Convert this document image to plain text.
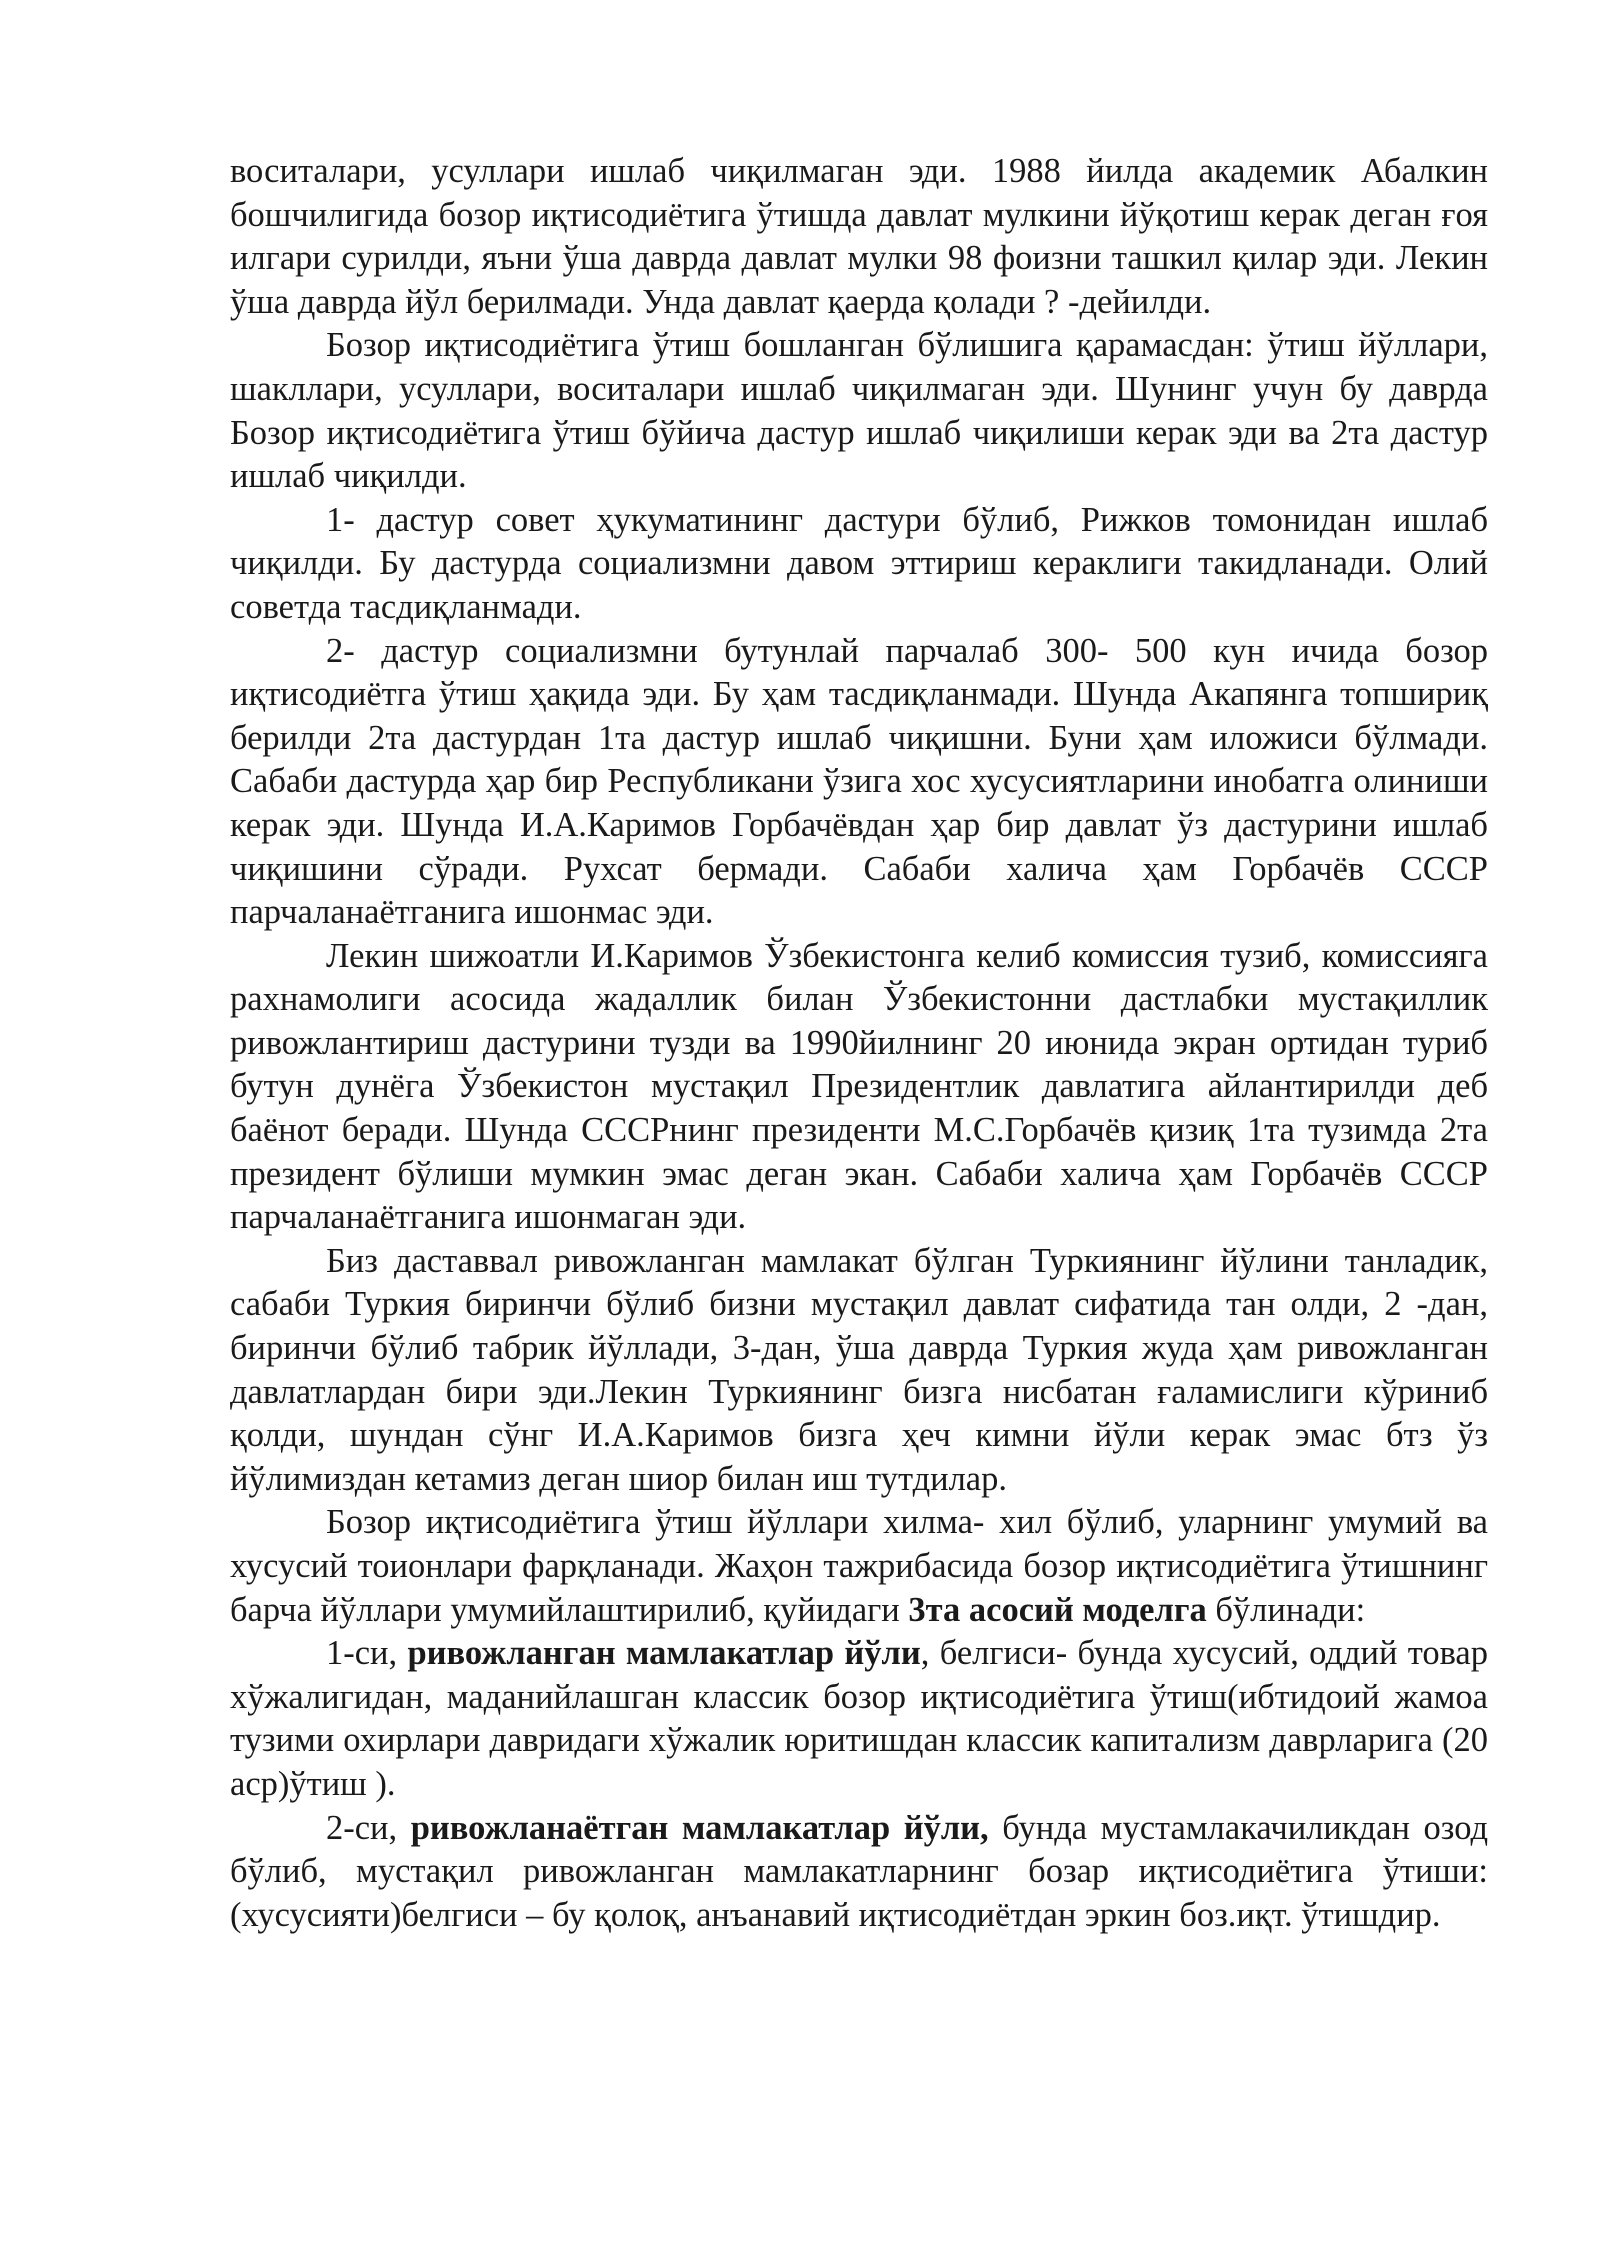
воситалари, усуллари ишлаб чиқилмаган эди. 1988 йилда академик Абалкин бошчилигида бозор иқтисодиётига ўтишда давлат мулкини йўқотиш керак деган ғоя илгари сурилди, яъни ўша даврда давлат мулки 98 фоизни ташкил қилар эди. Лекин ўша даврда йўл берилмади. Унда давлат қаерда қолади ? -дейилди.

Бозор иқтисодиётига ўтиш бошланган бўлишига қарамасдан: ўтиш йўллари, шакллари, усуллари, воситалари ишлаб чиқилмаган эди. Шунинг учун бу даврда Бозор иқтисодиётига ўтиш бўйича дастур ишлаб чиқилиши керак эди ва 2та дастур ишлаб чиқилди.

1- дастур совет ҳукуматининг дастури бўлиб, Рижков томонидан ишлаб чиқилди. Бу дастурда социализмни давом эттириш кераклиги такидланади. Олий советда тасдиқланмади.

2- дастур социализмни бутунлай парчалаб 300- 500 кун ичида бозор иқтисодиётга ўтиш ҳақида эди. Бу ҳам тасдиқланмади. Шунда Акапянга топшириқ берилди 2та дастурдан 1та дастур ишлаб чиқишни. Буни ҳам иложиси бўлмади. Сабаби дастурда ҳар бир Республикани ўзига хос хусусиятларини инобатга олиниши керак эди. Шунда И.А.Каримов Горбачёвдан ҳар бир давлат ўз дастурини ишлаб чиқишини сўради. Рухсат бермади. Сабаби халича ҳам Горбачёв СССР парчаланаётганига ишонмас эди.

Лекин шижоатли И.Каримов Ўзбекистонга келиб комиссия тузиб, комиссияга рахнамолиги асосида жадаллик билан Ўзбекистонни дастлабки мустақиллик ривожлантириш дастурини тузди ва 1990йилнинг 20 июнида экран ортидан туриб бутун дунёга Ўзбекистон мустақил Президентлик давлатига айлантирилди деб баёнот беради. Шунда СССРнинг президенти М.С.Горбачёв қизиқ 1та тузимда 2та президент бўлиши мумкин эмас деган экан. Сабаби халича ҳам Горбачёв СССР парчаланаётганига ишонмаган эди.

Биз даставвал ривожланган мамлакат бўлган Туркиянинг йўлини танладик, сабаби Туркия биринчи бўлиб бизни мустақил давлат сифатида тан олди, 2 -дан, биринчи бўлиб табрик йўллади, 3-дан, ўша даврда Туркия жуда ҳам ривожланган давлатлардан бири эди.Лекин Туркиянинг бизга нисбатан ғаламислиги кўриниб қолди, шундан сўнг И.А.Каримов бизга ҳеч кимни йўли керак эмас бтз ўз йўлимиздан кетамиз деган шиор билан иш тутдилар.

Бозор иқтисодиётига ўтиш йўллари хилма- хил бўлиб, уларнинг умумий ва хусусий тоионлари фарқланади. Жаҳон тажрибасида бозор иқтисодиётига ўтишнинг барча йўллари умумийлаштирилиб, қуйидаги 3та асосий моделга бўлинади:

1-си, ривожланган мамлакатлар йўли, белгиси- бунда хусусий, оддий товар хўжалигидан, маданийлашган классик бозор иқтисодиётига ўтиш(ибтидоий жамоа тузими охирлари давридаги хўжалик юритишдан классик капитализм даврларига (20 аср)ўтиш ).

2-си, ривожланаётган мамлакатлар йўли, бунда мустамлакачиликдан озод бўлиб, мустақил ривожланган мамлакатларнинг бозар иқтисодиётига ўтиши: (хусусияти)белгиси – бу қолоқ, анъанавий иқтисодиётдан эркин боз.иқт. ўтишдир.
